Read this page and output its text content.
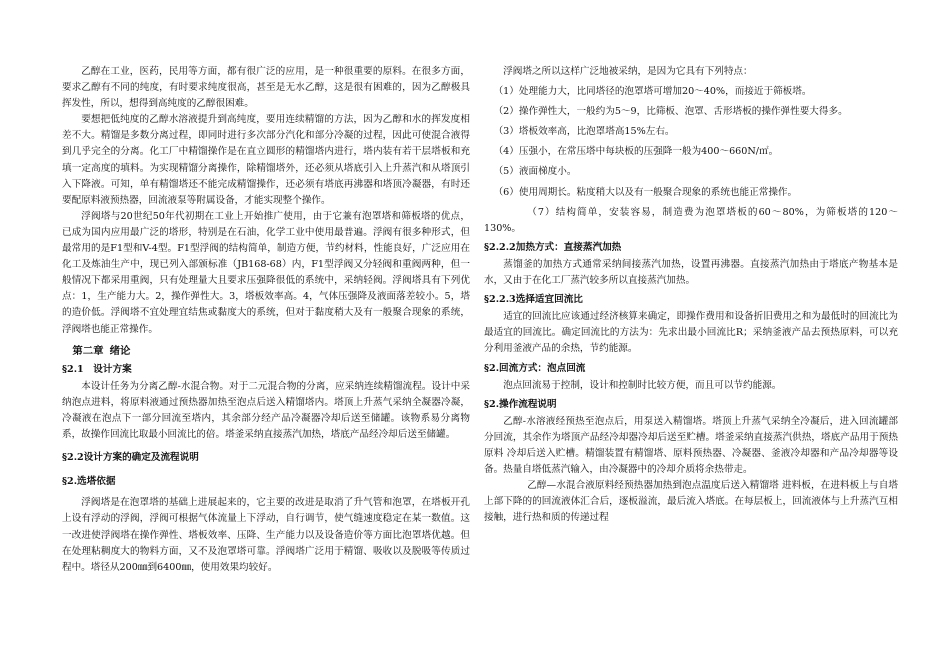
乙醇在工业，医药，民用等方面，都有很广泛的应用，是一种很重要的原料。在很多方面，要求乙醇有不同的纯度，有时要求纯度很高，甚至是无水乙醇，这是很有困难的，因为乙醇极具挥发性，所以，想得到高纯度的乙醇很困难。

要想把低纯度的乙醇水溶液提升到高纯度，要用连续精馏的方法，因为乙醇和水的挥发度相差不大。精馏是多数分离过程，即同时进行多次部分汽化和部分冷凝的过程，因此可使混合液得到几乎完全的分离。化工厂中精馏操作是在直立圆形的精馏塔内进行，塔内装有若干层塔板和充填一定高度的填料。为实现精馏分离操作，除精馏塔外，还必须从塔底引入上升蒸汽和从塔顶引入下降液。可知，单有精馏塔还不能完成精馏操作，还必须有塔底再沸器和塔顶冷凝器，有时还要配原料液预热器，回流液泵等附属设备，才能实现整个操作。

浮阀塔与20世纪50年代初期在工业上开始推广使用，由于它兼有泡罩塔和筛板塔的优点，已成为国内应用最广泛的塔形，特别是在石油，化学工业中使用最普遍。浮阀有很多种形式，但最常用的是F1型和V-4型。F1型浮阀的结构简单，制造方便，节约材料，性能良好，广泛应用在化工及炼油生产中，现已列入部颁标准（JB168-68）内，F1型浮阀又分轻阀和重阀两种，但一般情况下都采用重阀，只有处理量大且要求压强降很低的系统中，采纳轻阀。浮阀塔具有下列优点：1，生产能力大。2，操作弹性大。3，塔板效率高。4，气体压强降及液面落差较小。5，塔的造价低。浮阀塔不宜处理宜结焦或黏度大的系统，但对于黏度稍大及有一般聚合现象的系统，浮阀塔也能正常操作。

第二章 绪论
§2.1　设计方案

本设计任务为分离乙醇-水混合物。对于二元混合物的分离，应采纳连续精馏流程。设计中采纳泡点进料，将原料液通过预热器加热至泡点后送入精馏塔内。塔顶上升蒸气采纳全凝器冷凝，冷凝液在泡点下一部分回流至塔内，其余部分经产品冷凝器冷却后送至储罐。该物系易分离物系，故操作回流比取最小回流比的倍。塔釜采纳直接蒸汽加热，塔底产品经冷却后送至储罐。

§2.2设计方案的确定及流程说明
§2.选塔依据

浮阀塔是在泡罩塔的基础上进展起来的，它主要的改进是取消了升气管和泡罩，在塔板开孔上设有浮动的浮阀，浮阀可根据气体流量上下浮动，自行调节，使气缝速度稳定在某一数值。这一改进使浮阀塔在操作弹性、塔板效率、压降、生产能力以及设备造价等方面比泡罩塔优越。但在处理粘稠度大的物料方面，又不及泡罩塔可靠。浮阀塔广泛用于精馏、吸收以及脱吸等传质过程中。塔径从200㎜到6400㎜，使用效果均较好。

浮阀塔之所以这样广泛地被采纳，是因为它具有下列特点：

（1）处理能力大，比同塔径的泡罩塔可增加20～40%，而接近于筛板塔。
（2）操作弹性大，一般约为5～9，比筛板、泡罩、舌形塔板的操作弹性要大得多。
（3）塔板效率高，比泡罩塔高15%左右。
（4）压强小，在常压塔中每块板的压强降一般为400～660N/㎡。
（5）液面梯度小。
（6）使用周期长。粘度稍大以及有一般聚合现象的系统也能正常操作。

（7）结构简单，安装容易，制造费为泡罩塔板的60～80%，为筛板塔的120～130%。

§2.2.2加热方式：直接蒸汽加热

蒸馏釜的加热方式通常采纳间接蒸汽加热，设置再沸器。直接蒸汽加热由于塔底产物基本是水，又由于在化工厂蒸汽较多所以直接蒸汽加热。

§2.2.3选择适宜回流比

适宜的回流比应该通过经济核算来确定，即操作费用和设备折旧费用之和为最低时的回流比为最适宜的回流比。确定回流比的方法为：先求出最小回流比R；采纳釜液产品去预热原料，可以充分利用釜液产品的余热，节约能源。

§2.回流方式：泡点回流

泡点回流易于控制，设计和控制时比较方便，而且可以节约能源。

§2.操作流程说明

乙醇-水溶液经预热至泡点后，用泵送入精馏塔。塔顶上升蒸气采纳全冷凝后，进入回流罐部分回流，其余作为塔顶产品经冷却器冷却后送至贮槽。塔釜采纳直接蒸汽供热，塔底产品用于预热原料 冷却后送入贮槽。精馏装置有精馏塔、原料预热器、冷凝器、釜液冷却器和产品冷却器等设备。热量自塔低蒸汽输入，由冷凝器中的冷却介质将余热带走。

乙醇—水混合液原料经预热器加热到泡点温度后送入精馏塔 进料板，在进料板上与自塔上部下降的的回流液体汇合后，逐板溢流，最后流入塔底。在每层板上，回流液体与上升蒸汽互相接触，进行热和质的传递过程
